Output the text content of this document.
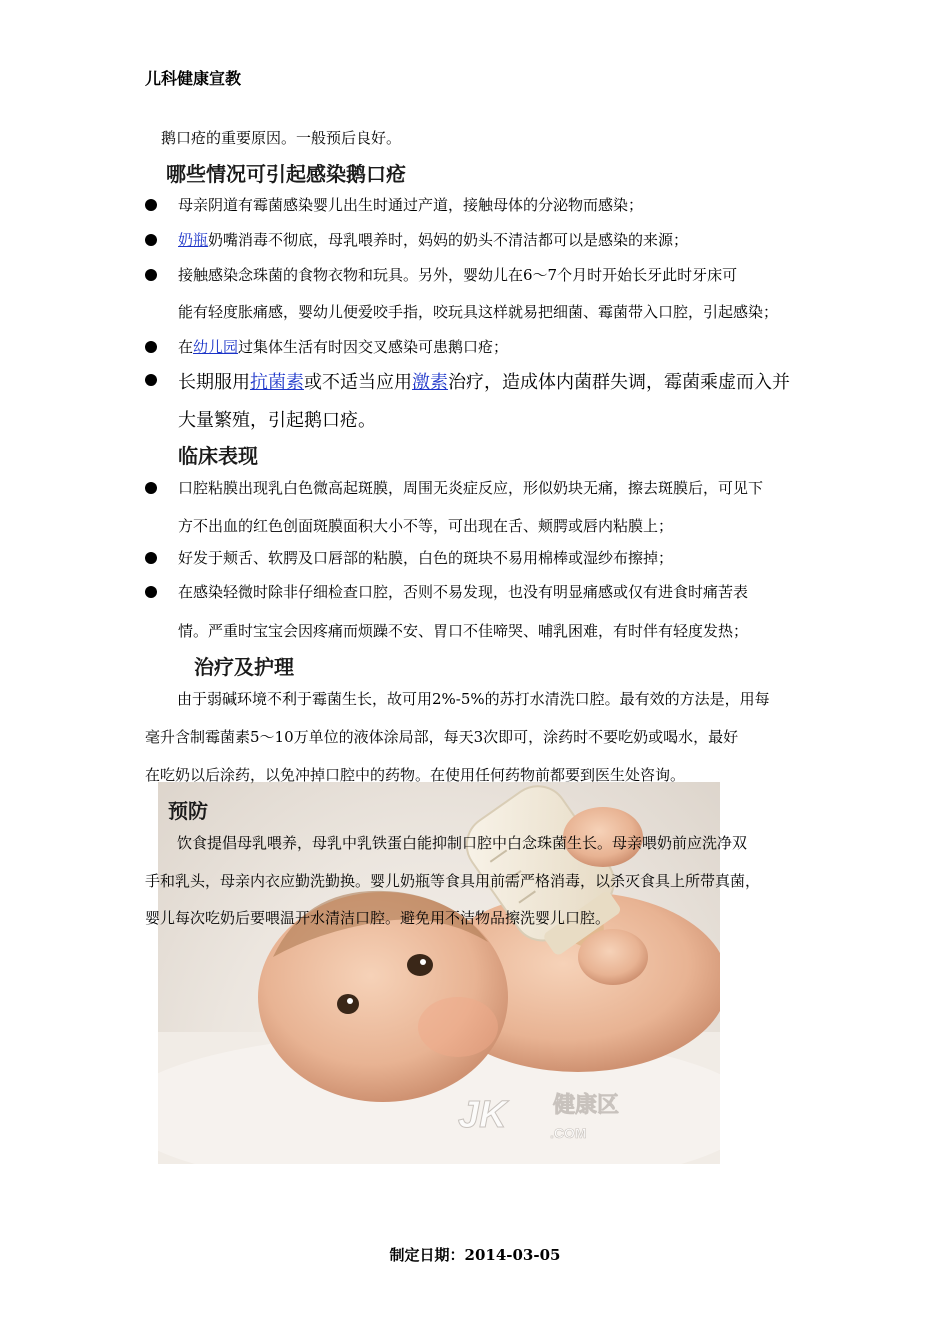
儿科健康宣教
JK 健康区
.COM
鹅口疮的重要原因。一般预后良好。
哪些情况可引起感染鹅口疮
母亲阴道有霉菌感染婴儿出生时通过产道，接触母体的分泌物而感染；
奶瓶奶嘴消毒不彻底，母乳喂养时，妈妈的奶头不清洁都可以是感染的来源；
接触感染念珠菌的食物衣物和玩具。另外，婴幼儿在6～7个月时开始长牙此时牙床可
能有轻度胀痛感，婴幼儿便爱咬手指，咬玩具这样就易把细菌、霉菌带入口腔，引起感染；
在幼儿园过集体生活有时因交叉感染可患鹅口疮；
长期服用抗菌素或不适当应用激素治疗，造成体内菌群失调，霉菌乘虚而入并
大量繁殖，引起鹅口疮。
临床表现
口腔粘膜出现乳白色微高起斑膜，周围无炎症反应，形似奶块无痛，擦去斑膜后，可见下
方不出血的红色创面斑膜面积大小不等，可出现在舌、颊腭或唇内粘膜上；
好发于颊舌、软腭及口唇部的粘膜，白色的斑块不易用棉棒或湿纱布擦掉；
在感染轻微时除非仔细检查口腔，否则不易发现，也没有明显痛感或仅有进食时痛苦表
情。严重时宝宝会因疼痛而烦躁不安、胃口不佳啼哭、哺乳困难，有时伴有轻度发热；
治疗及护理
由于弱碱环境不利于霉菌生长，故可用2%-5%的苏打水清洗口腔。最有效的方法是，用每
毫升含制霉菌素5～10万单位的液体涂局部，每天3次即可，涂药时不要吃奶或喝水，最好
在吃奶以后涂药，以免冲掉口腔中的药物。在使用任何药物前都要到医生处咨询。
预防
饮食提倡母乳喂养，母乳中乳铁蛋白能抑制口腔中白念珠菌生长。母亲喂奶前应洗净双
手和乳头，母亲内衣应勤洗勤换。婴儿奶瓶等食具用前需严格消毒，以杀灭食具上所带真菌，
婴儿每次吃奶后要喂温开水清洁口腔。避免用不洁物品擦洗婴儿口腔。
制定日期：2014-03-05
